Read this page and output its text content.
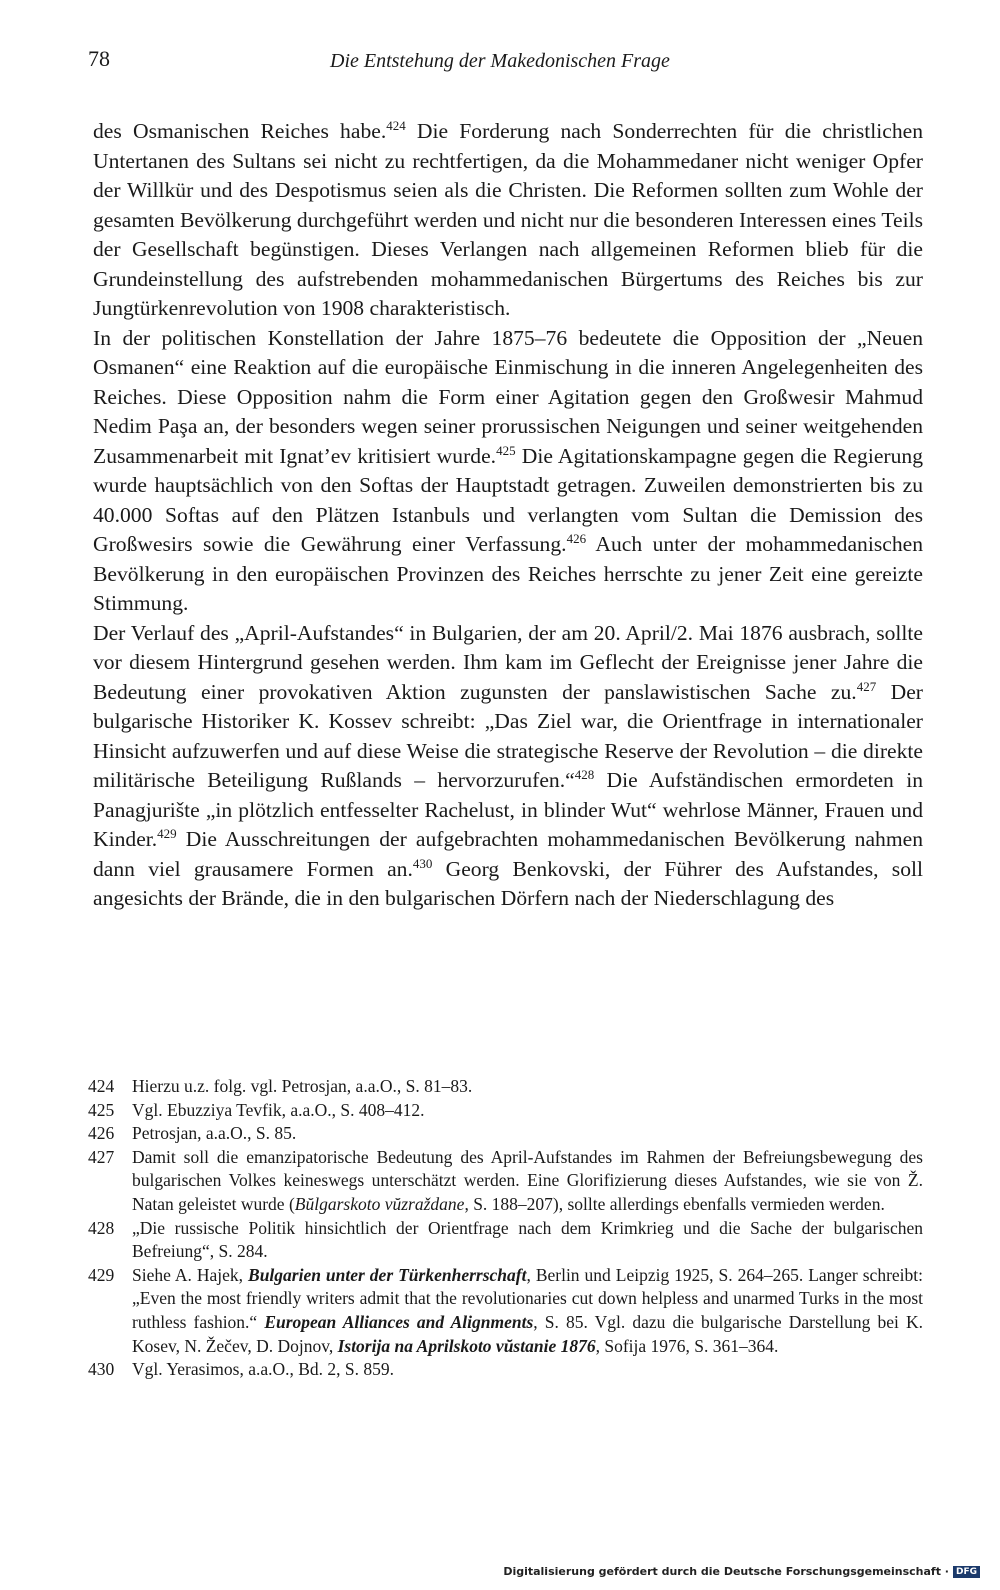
78	Die Entstehung der Makedonischen Frage

des Osmanischen Reiches habe.$^{424}$ Die Forderung nach Sonderrechten für die christlichen Untertanen des Sultans sei nicht zu rechtfertigen, da die Mohammedaner nicht weniger Opfer der Willkür und des Despotismus seien als die Christen. Die Reformen sollten zum Wohle der gesamten Bevölkerung durchgeführt werden und nicht nur die besonderen Interessen eines Teils der Gesellschaft begünstigen. Dieses Verlangen nach allgemeinen Reformen blieb für die Grundeinstellung des aufstrebenden mohammedanischen Bürgertums des Reiches bis zur Jungtürkenrevolution von 1908 charakteristisch.

In der politischen Konstellation der Jahre 1875–76 bedeutete die Opposition der „Neuen Osmanen“ eine Reaktion auf die europäische Einmischung in die inneren Angelegenheiten des Reiches. Diese Opposition nahm die Form einer Agitation gegen den Großwesir Mahmud Nedim Paşa an, der besonders wegen seiner prorussischen Neigungen und seiner weitgehenden Zusammenarbeit mit Ignat’ev kritisiert wurde.$^{425}$ Die Agitationskampagne gegen die Regierung wurde hauptsächlich von den Softas der Hauptstadt getragen. Zuweilen demonstrierten bis zu 40.000 Softas auf den Plätzen Istanbuls und verlangten vom Sultan die Demission des Großwesirs sowie die Gewährung einer Verfassung.$^{426}$ Auch unter der mohammedanischen Bevölkerung in den europäischen Provinzen des Reiches herrschte zu jener Zeit eine gereizte Stimmung.

Der Verlauf des „April-Aufstandes“ in Bulgarien, der am 20. April/2. Mai 1876 ausbrach, sollte vor diesem Hintergrund gesehen werden. Ihm kam im Geflecht der Ereignisse jener Jahre die Bedeutung einer provokativen Aktion zugunsten der panslawistischen Sache zu.$^{427}$ Der bulgarische Historiker K. Kossev schreibt: „Das Ziel war, die Orientfrage in internationaler Hinsicht aufzuwerfen und auf diese Weise die strategische Reserve der Revolution – die direkte militärische Beteiligung Rußlands – hervorzurufen.“$^{428}$ Die Aufständischen ermordeten in Panagjurište „in plötzlich entfesselter Rachelust, in blinder Wut“ wehrlose Männer, Frauen und Kinder.$^{429}$ Die Ausschreitungen der aufgebrachten mohammedanischen Bevölkerung nahmen dann viel grausamere Formen an.$^{430}$ Georg Benkovski, der Führer des Aufstandes, soll angesichts der Brände, die in den bulgarischen Dörfern nach der Niederschlagung des

424	Hierzu u.z. folg. vgl. Petrosjan, a.a.O., S. 81–83.
425	Vgl. Ebuzziya Tevfik, a.a.O., S. 408–412.
426	Petrosjan, a.a.O., S. 85.
427	Damit soll die emanzipatorische Bedeutung des April-Aufstandes im Rahmen der Befreiungsbewegung des bulgarischen Volkes keineswegs unterschätzt werden. Eine Glorifizierung dieses Aufstandes, wie sie von Ž. Natan geleistet wurde (Bŭlgarskoto vŭzraždane, S. 188–207), sollte allerdings ebenfalls vermieden werden.
428	„Die russische Politik hinsichtlich der Orientfrage nach dem Krimkrieg und die Sache der bulgarischen Befreiung“, S. 284.
429	Siehe A. Hajek, Bulgarien unter der Türkenherrschaft, Berlin und Leipzig 1925, S. 264–265. Langer schreibt: „Even the most friendly writers admit that the revolutionaries cut down helpless and unarmed Turks in the most ruthless fashion.“ European Alliances and Alignments, S. 85. Vgl. dazu die bulgarische Darstellung bei K. Kosev, N. Žečev, D. Dojnov, Istorija na Aprilskoto vŭstanie 1876, Sofija 1976, S. 361–364.
430	Vgl. Yerasimos, a.a.O., Bd. 2, S. 859.
Digitalisierung gefördert durch die Deutsche Forschungsgemeinschaft · DFG
